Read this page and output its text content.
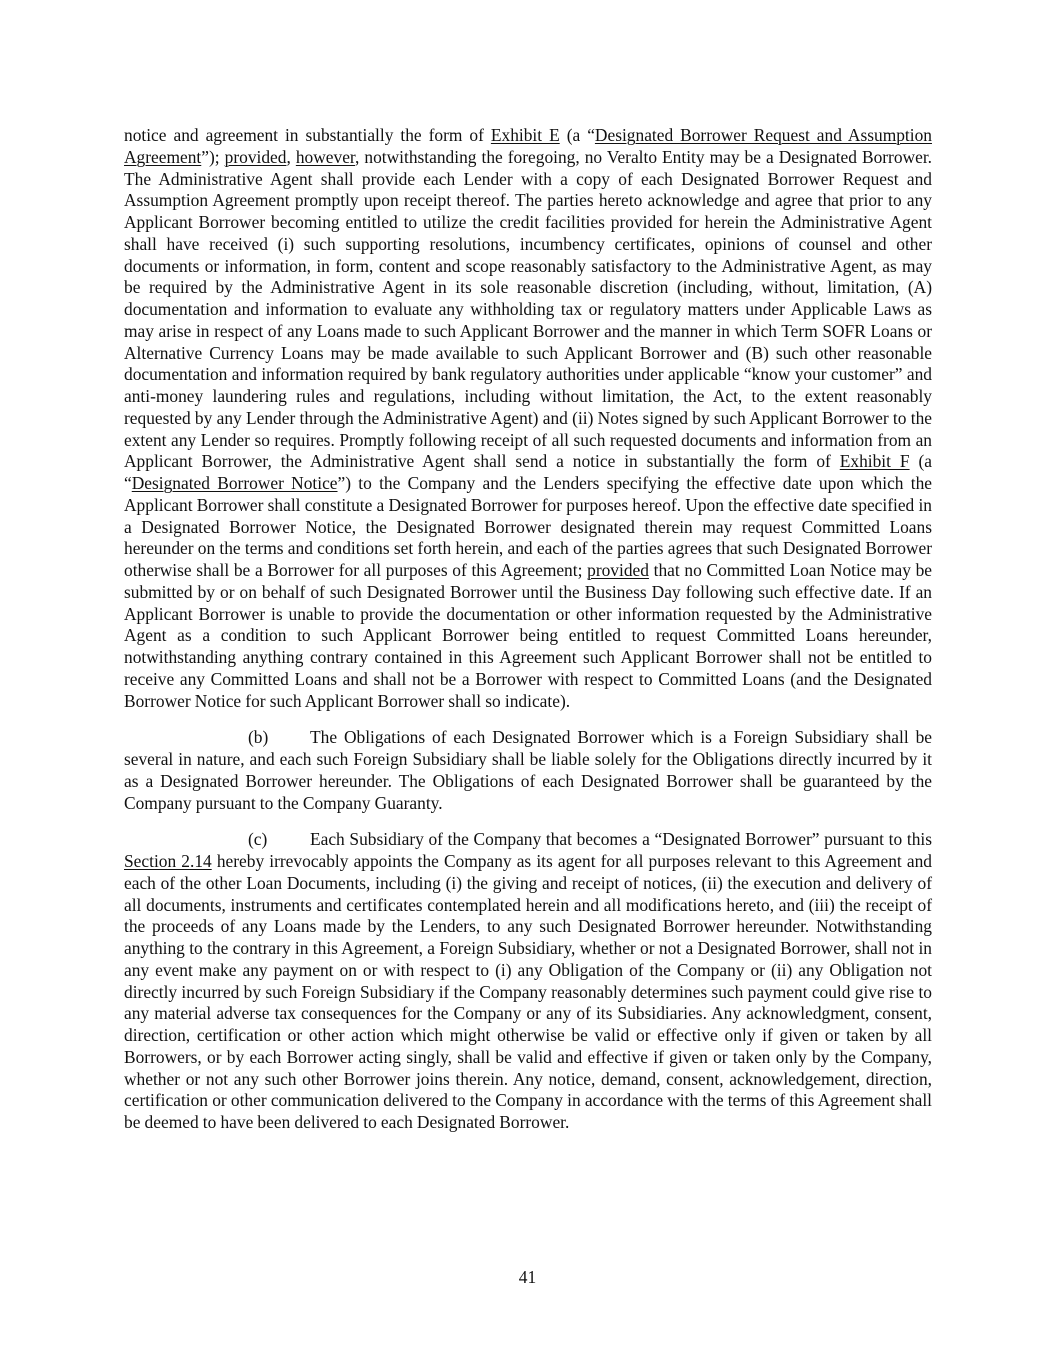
notice and agreement in substantially the form of Exhibit E (a “Designated Borrower Request and Assumption Agreement”); provided, however, notwithstanding the foregoing, no Veralto Entity may be a Designated Borrower. The Administrative Agent shall provide each Lender with a copy of each Designated Borrower Request and Assumption Agreement promptly upon receipt thereof. The parties hereto acknowledge and agree that prior to any Applicant Borrower becoming entitled to utilize the credit facilities provided for herein the Administrative Agent shall have received (i) such supporting resolutions, incumbency certificates, opinions of counsel and other documents or information, in form, content and scope reasonably satisfactory to the Administrative Agent, as may be required by the Administrative Agent in its sole reasonable discretion (including, without, limitation, (A) documentation and information to evaluate any withholding tax or regulatory matters under Applicable Laws as may arise in respect of any Loans made to such Applicant Borrower and the manner in which Term SOFR Loans or Alternative Currency Loans may be made available to such Applicant Borrower and (B) such other reasonable documentation and information required by bank regulatory authorities under applicable “know your customer” and anti-money laundering rules and regulations, including without limitation, the Act, to the extent reasonably requested by any Lender through the Administrative Agent) and (ii) Notes signed by such Applicant Borrower to the extent any Lender so requires. Promptly following receipt of all such requested documents and information from an Applicant Borrower, the Administrative Agent shall send a notice in substantially the form of Exhibit F (a “Designated Borrower Notice”) to the Company and the Lenders specifying the effective date upon which the Applicant Borrower shall constitute a Designated Borrower for purposes hereof. Upon the effective date specified in a Designated Borrower Notice, the Designated Borrower designated therein may request Committed Loans hereunder on the terms and conditions set forth herein, and each of the parties agrees that such Designated Borrower otherwise shall be a Borrower for all purposes of this Agreement; provided that no Committed Loan Notice may be submitted by or on behalf of such Designated Borrower until the Business Day following such effective date. If an Applicant Borrower is unable to provide the documentation or other information requested by the Administrative Agent as a condition to such Applicant Borrower being entitled to request Committed Loans hereunder, notwithstanding anything contrary contained in this Agreement such Applicant Borrower shall not be entitled to receive any Committed Loans and shall not be a Borrower with respect to Committed Loans (and the Designated Borrower Notice for such Applicant Borrower shall so indicate).

(b) The Obligations of each Designated Borrower which is a Foreign Subsidiary shall be several in nature, and each such Foreign Subsidiary shall be liable solely for the Obligations directly incurred by it as a Designated Borrower hereunder. The Obligations of each Designated Borrower shall be guaranteed by the Company pursuant to the Company Guaranty.

(c) Each Subsidiary of the Company that becomes a “Designated Borrower” pursuant to this Section 2.14 hereby irrevocably appoints the Company as its agent for all purposes relevant to this Agreement and each of the other Loan Documents, including (i) the giving and receipt of notices, (ii) the execution and delivery of all documents, instruments and certificates contemplated herein and all modifications hereto, and (iii) the receipt of the proceeds of any Loans made by the Lenders, to any such Designated Borrower hereunder. Notwithstanding anything to the contrary in this Agreement, a Foreign Subsidiary, whether or not a Designated Borrower, shall not in any event make any payment on or with respect to (i) any Obligation of the Company or (ii) any Obligation not directly incurred by such Foreign Subsidiary if the Company reasonably determines such payment could give rise to any material adverse tax consequences for the Company or any of its Subsidiaries. Any acknowledgment, consent, direction, certification or other action which might otherwise be valid or effective only if given or taken by all Borrowers, or by each Borrower acting singly, shall be valid and effective if given or taken only by the Company, whether or not any such other Borrower joins therein. Any notice, demand, consent, acknowledgement, direction, certification or other communication delivered to the Company in accordance with the terms of this Agreement shall be deemed to have been delivered to each Designated Borrower.

41
